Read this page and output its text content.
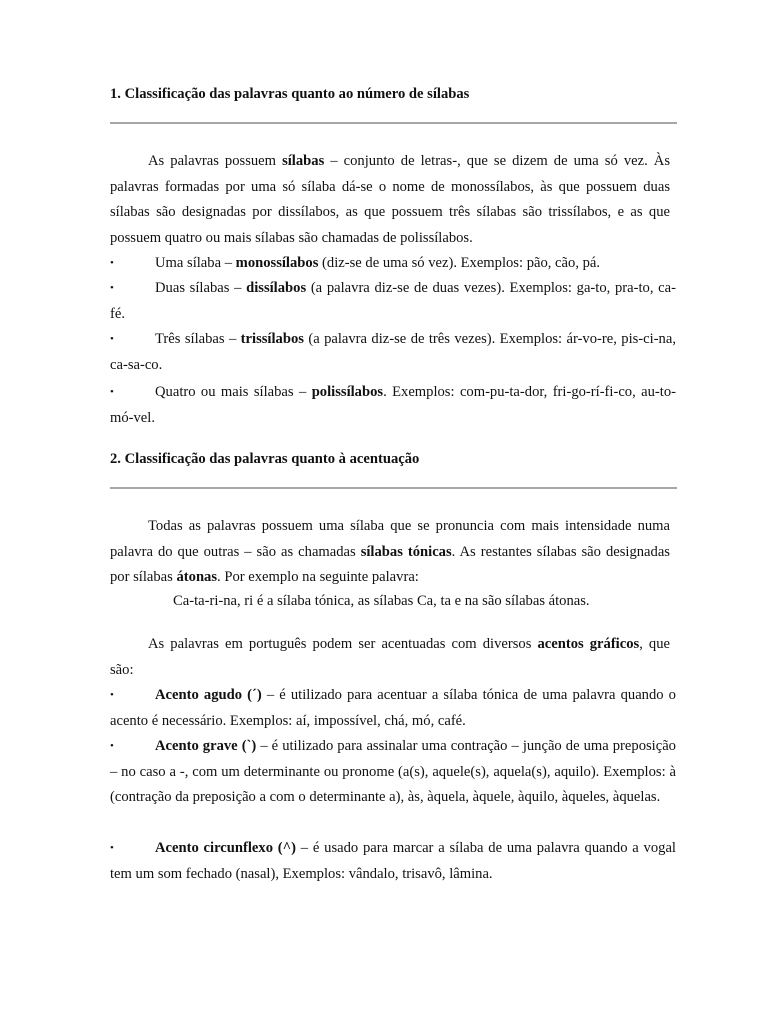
1. Classificação das palavras quanto ao número de sílabas
As palavras possuem sílabas – conjunto de letras-, que se dizem de uma só vez. Às palavras formadas por uma só sílaba dá-se o nome de monossílabos, às que possuem duas sílabas são designadas por dissílabos, as que possuem três sílabas são trissílabos, e as que possuem quatro ou mais sílabas são chamadas de polissílabos.
•	Uma sílaba – monossílabos (diz-se de uma só vez). Exemplos: pão, cão, pá.
•	Duas sílabas – dissílabos (a palavra diz-se de duas vezes). Exemplos: ga-to, pra-to, ca-fé.
•	Três sílabas – trissílabos (a palavra diz-se de três vezes). Exemplos: ár-vo-re, pis-ci-na, ca-sa-co.
•	Quatro ou mais sílabas – polissílabos. Exemplos: com-pu-ta-dor, fri-go-rí-fi-co, au-to-mó-vel.
2. Classificação das palavras quanto à acentuação
Todas as palavras possuem uma sílaba que se pronuncia com mais intensidade numa palavra do que outras – são as chamadas sílabas tónicas. As restantes sílabas são designadas por sílabas átonas. Por exemplo na seguinte palavra:
Ca-ta-ri-na, ri é a sílaba tónica, as sílabas Ca, ta e na são sílabas átonas.
As palavras em português podem ser acentuadas com diversos acentos gráficos, que são:
•	Acento agudo (´) – é utilizado para acentuar a sílaba tónica de uma palavra quando o acento é necessário. Exemplos: aí, impossível, chá, mó, café.
•	Acento grave (`) – é utilizado para assinalar uma contração – junção de uma preposição – no caso a -, com um determinante ou pronome (a(s), aquele(s), aquela(s), aquilo). Exemplos: à (contração da preposição a com o determinante a), às, àquela, àquele, àquilo, àqueles, àquelas.
•	Acento circunflexo (^) – é usado para marcar a sílaba de uma palavra quando a vogal tem um som fechado (nasal), Exemplos: vândalo, trisavô, lâmina.
